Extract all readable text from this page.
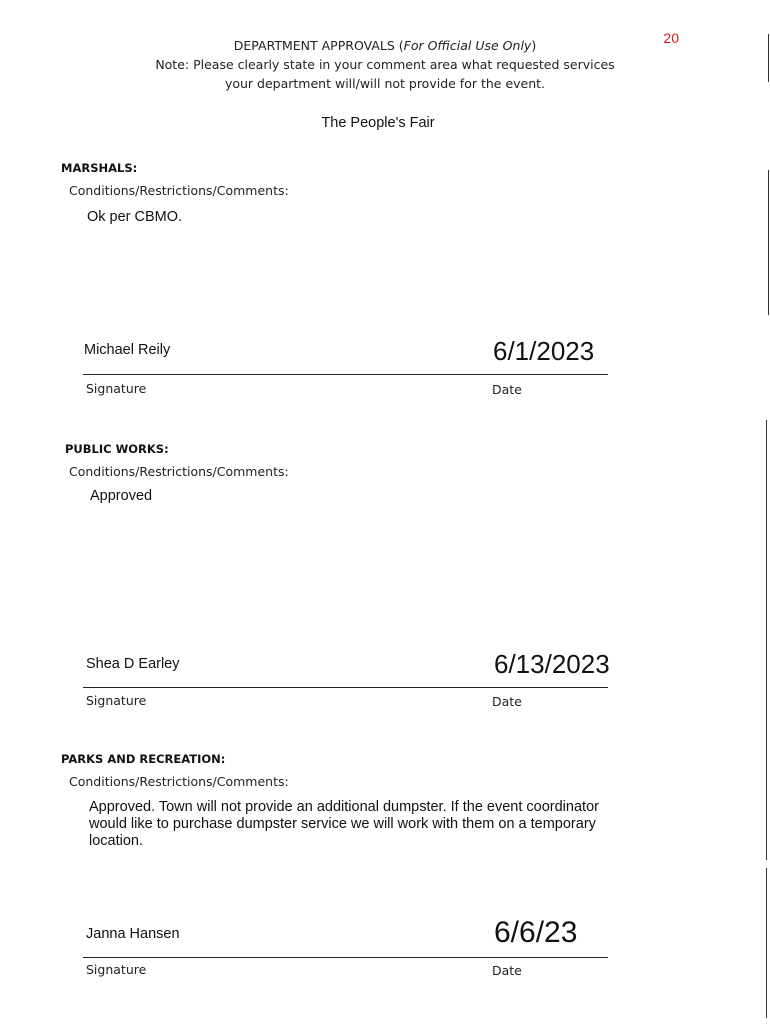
20
DEPARTMENT APPROVALS (For Official Use Only)
Note: Please clearly state in your comment area what requested services
your department will/will not provide for the event.
The People's Fair
MARSHALS:
Conditions/Restrictions/Comments:
Ok per CBMO.
Michael Reily	6/1/2023
Signature	Date
PUBLIC WORKS:
Conditions/Restrictions/Comments:
Approved
Shea D Earley	6/13/2023
Signature	Date
PARKS AND RECREATION:
Conditions/Restrictions/Comments:
Approved. Town will not provide an additional dumpster. If the event coordinator
would like to purchase dumpster service we will work with them on a temporary
location.
Janna Hansen	6/6/23
Signature	Date
